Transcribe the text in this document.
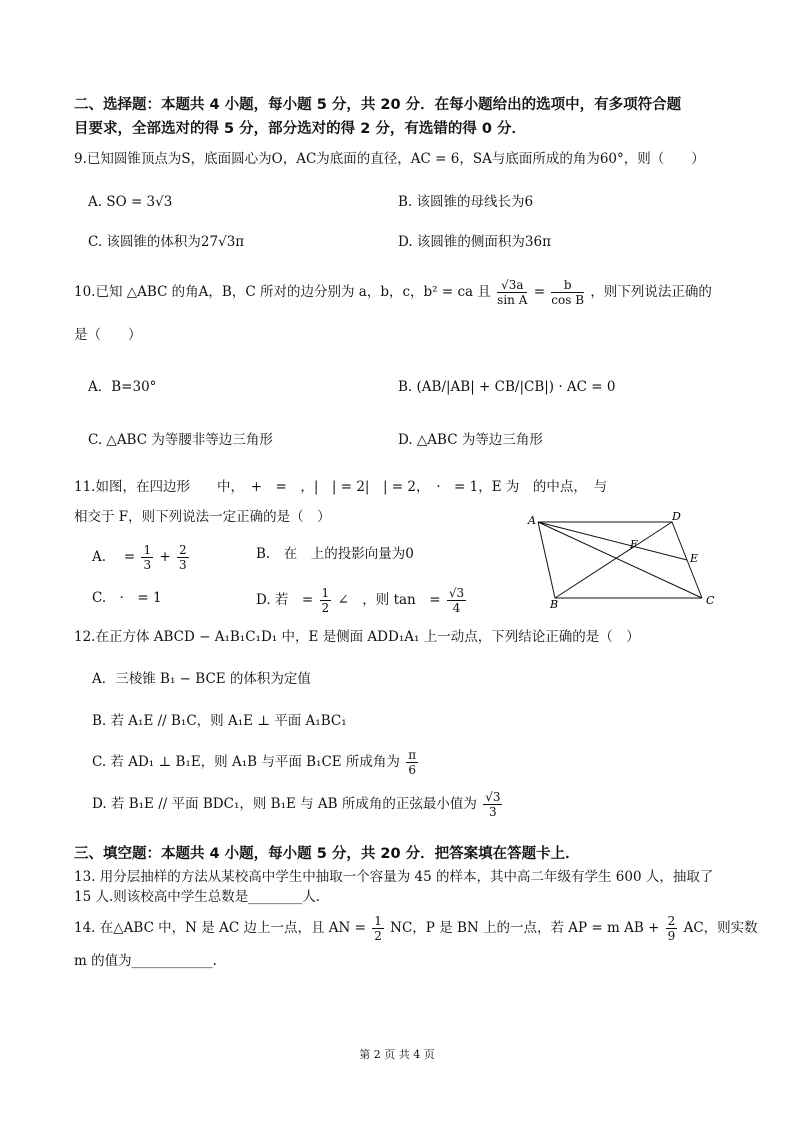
二、选择题：本题共 4 小题，每小题 5 分，共 20 分．在每小题给出的选项中，有多项符合题
目要求，全部选对的得 5 分，部分选对的得 2 分，有选错的得 0 分．
9.已知圆锥顶点为S，底面圆心为O，AC为底面的直径，AC = 6，SA与底面所成的角为60°，则（　　）
A. SO = 3√3	B. 该圆锥的母线长为6
C. 该圆锥的体积为27√3π	D. 该圆锥的侧面积为36π
10.已知 △ABC 的角A，B，C 所对的边分别为 a，b，c，b² = ca 且 $\frac{√3a}{\text{sin A}} = \frac{b}{\text{cos B}}$ ，则下列说法正确的
是（　　）
A．B=30°	B. (AB/|AB| + CB/|CB|) · AC = 0
C. △ABC 为等腰非等边三角形	D. △ABC 为等边三角形
11.如图，在四边形　　中，　+　=　，|　| = 2|　| = 2，　·　= 1，E 为　的中点，　与
相交于 F，则下列说法一定正确的是（　）
A.　 = $\frac{1}{3} + \frac{2}{3}$	B.　在　上的投影向量为0
C.　·　= 1	D. 若　= $\frac{1}{2}$ ∠　，则 tan　= $\frac{√3}{4}$
A	D
F
E
B	C
12.在正方体 ABCD − A₁B₁C₁D₁ 中，E 是侧面 ADD₁A₁ 上一动点，下列结论正确的是（　）
A．三棱锥 B₁ − BCE 的体积为定值
B. 若 A₁E // B₁C，则 A₁E ⊥ 平面 A₁BC₁
C. 若 AD₁ ⊥ B₁E，则 A₁B 与平面 B₁CE 所成角为 $\frac{\pi}{6}$
D. 若 B₁E // 平面 BDC₁，则 B₁E 与 AB 所成角的正弦最小值为 $\frac{√3}{3}$
三、填空题：本题共 4 小题，每小题 5 分，共 20 分．把答案填在答题卡上．
13. 用分层抽样的方法从某校高中学生中抽取一个容量为 45 的样本，其中高二年级有学生 600 人，抽取了
15 人.则该校高中学生总数是________人.
14. 在△ABC 中，N 是 AC 边上一点，且 AN = $\frac{1}{2}$ NC，P 是 BN 上的一点，若 AP = m AB + $\frac{2}{9}$ AC，则实数
m 的值为____________.
第 2 页 共 4 页
